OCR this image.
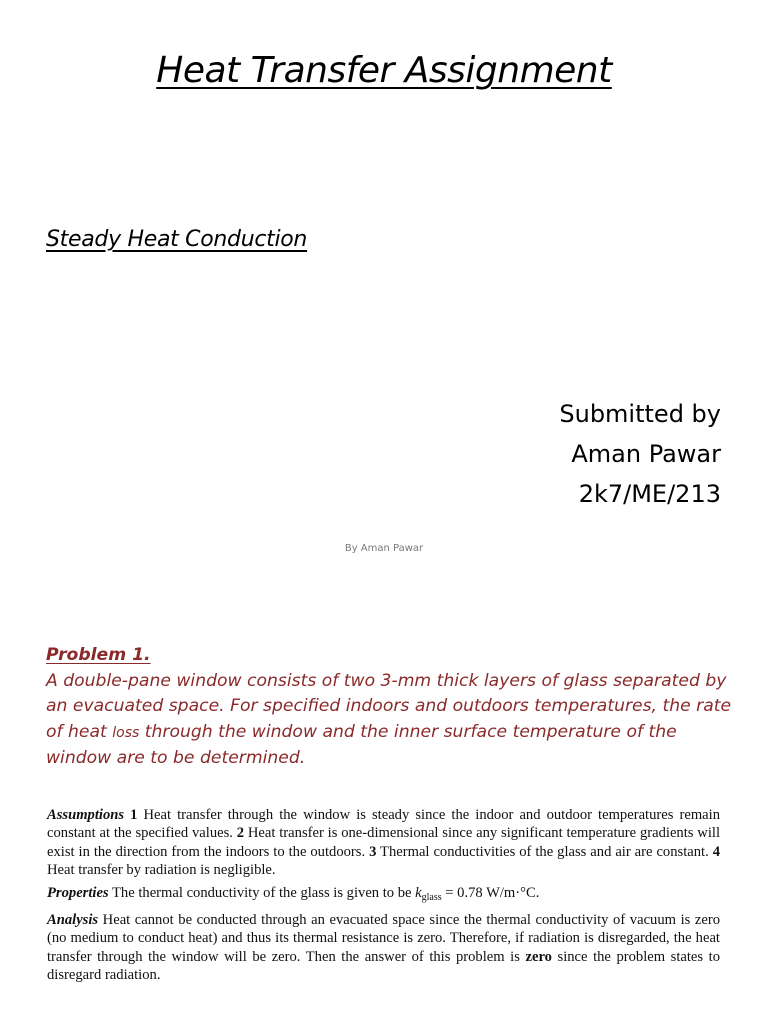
Heat Transfer Assignment
Steady Heat Conduction
Submitted by
Aman Pawar
2k7/ME/213
By Aman Pawar
Problem 1.

A double-pane window consists of two 3-mm thick layers of glass separated by an evacuated space. For specified indoors and outdoors temperatures, the rate of heat loss through the window and the inner surface temperature of the window are to be determined.

Assumptions 1 Heat transfer through the window is steady since the indoor and outdoor temperatures remain constant at the specified values. 2 Heat transfer is one-dimensional since any significant temperature gradients will exist in the direction from the indoors to the outdoors. 3 Thermal conductivities of the glass and air are constant. 4 Heat transfer by radiation is negligible.

Properties The thermal conductivity of the glass is given to be $k_{glass} = 0.78$ W/m·°C.

Analysis Heat cannot be conducted through an evacuated space since the thermal conductivity of vacuum is zero (no medium to conduct heat) and thus its thermal resistance is zero. Therefore, if radiation is disregarded, the heat transfer through the window will be zero. Then the answer of this problem is zero since the problem states to disregard radiation.
